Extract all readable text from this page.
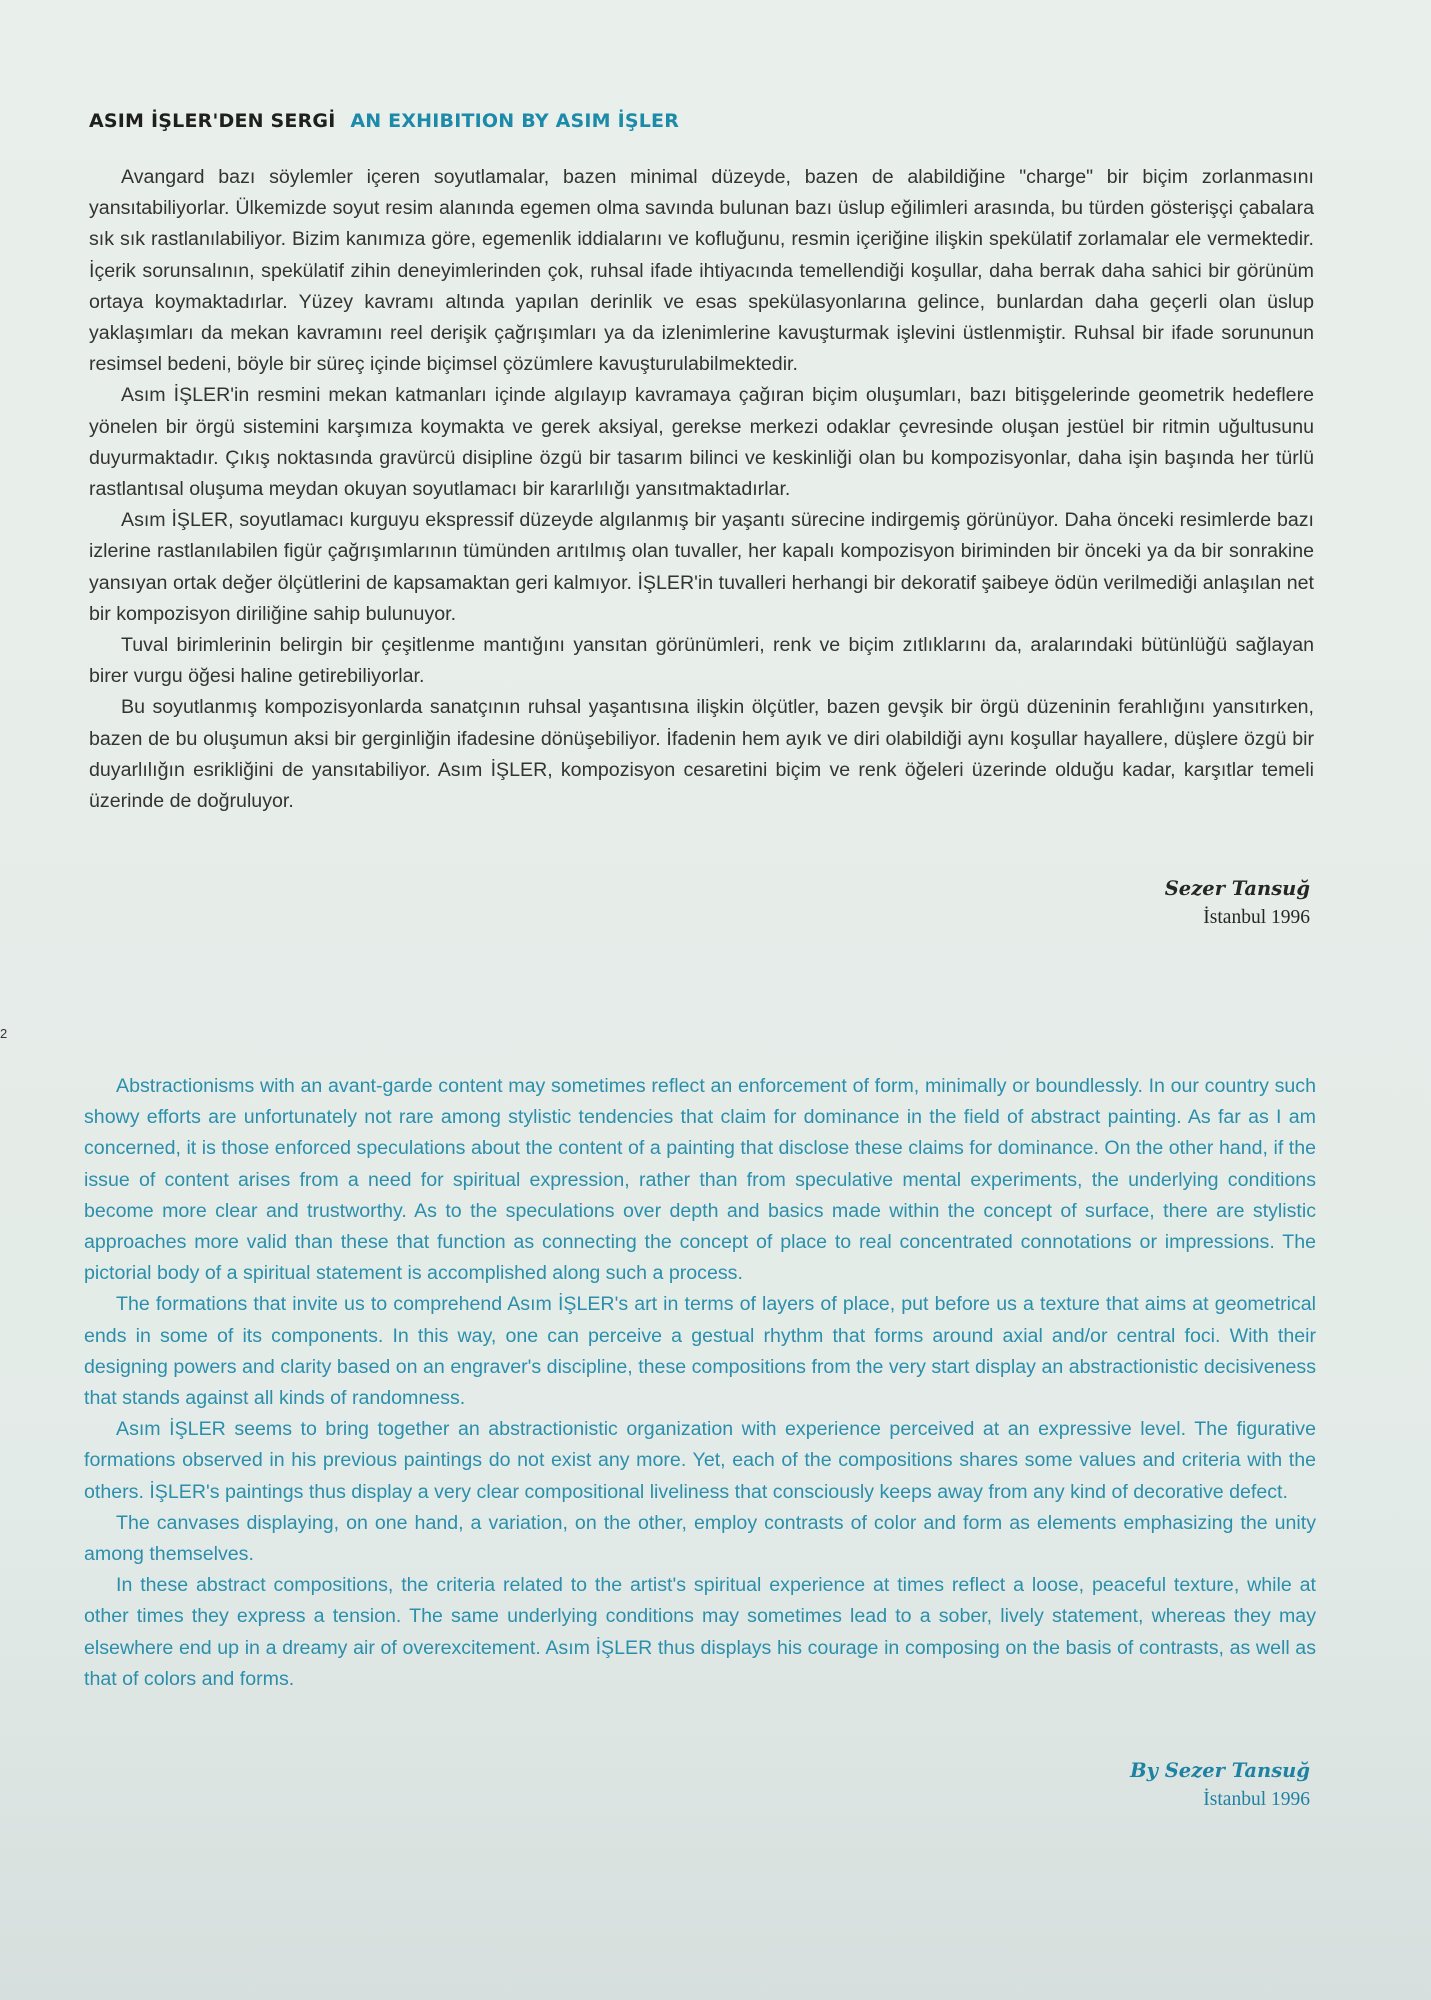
ASIM İŞLER'DEN SERGİ AN EXHIBITION BY ASIM İŞLER

Avangard bazı söylemler içeren soyutlamalar, bazen minimal düzeyde, bazen de alabildiğine "charge" bir biçim zorlanmasını yansıtabiliyorlar. Ülkemizde soyut resim alanında egemen olma savında bulunan bazı üslup eğilimleri arasında, bu türden gösterişçi çabalara sık sık rastlanılabiliyor. Bizim kanımıza göre, egemenlik iddialarını ve kofluğunu, resmin içeriğine ilişkin spekülatif zorlamalar ele vermektedir. İçerik sorunsalının, spekülatif zihin deneyimlerinden çok, ruhsal ifade ihtiyacında temellendiği koşullar, daha berrak daha sahici bir görünüm ortaya koymaktadırlar. Yüzey kavramı altında yapılan derinlik ve esas spekülasyonlarına gelince, bunlardan daha geçerli olan üslup yaklaşımları da mekan kavramını reel derişik çağrışımları ya da izlenimlerine kavuşturmak işlevini üstlenmiştir. Ruhsal bir ifade sorununun resimsel bedeni, böyle bir süreç içinde biçimsel çözümlere kavuşturulabilmektedir.

Asım İŞLER'in resmini mekan katmanları içinde algılayıp kavramaya çağıran biçim oluşumları, bazı bitişgelerinde geometrik hedeflere yönelen bir örgü sistemini karşımıza koymakta ve gerek aksiyal, gerekse merkezi odaklar çevresinde oluşan jestüel bir ritmin uğultusunu duyurmaktadır. Çıkış noktasında gravürcü disipline özgü bir tasarım bilinci ve keskinliği olan bu kompozisyonlar, daha işin başında her türlü rastlantısal oluşuma meydan okuyan soyutlamacı bir kararlılığı yansıtmaktadırlar.

Asım İŞLER, soyutlamacı kurguyu ekspressif düzeyde algılanmış bir yaşantı sürecine indirgemiş görünüyor. Daha önceki resimlerde bazı izlerine rastlanılabilen figür çağrışımlarının tümünden arıtılmış olan tuvaller, her kapalı kompozisyon biriminden bir önceki ya da bir sonrakine yansıyan ortak değer ölçütlerini de kapsamaktan geri kalmıyor. İŞLER'in tuvalleri herhangi bir dekoratif şaibeye ödün verilmediği anlaşılan net bir kompozisyon diriliğine sahip bulunuyor.

Tuval birimlerinin belirgin bir çeşitlenme mantığını yansıtan görünümleri, renk ve biçim zıtlıklarını da, aralarındaki bütünlüğü sağlayan birer vurgu öğesi haline getirebiliyorlar.

Bu soyutlanmış kompozisyonlarda sanatçının ruhsal yaşantısına ilişkin ölçütler, bazen gevşik bir örgü düzeninin ferahlığını yansıtırken, bazen de bu oluşumun aksi bir gerginliğin ifadesine dönüşebiliyor. İfadenin hem ayık ve diri olabildiği aynı koşullar hayallere, düşlere özgü bir duyarlılığın esrikliğini de yansıtabiliyor. Asım İŞLER, kompozisyon cesaretini biçim ve renk öğeleri üzerinde olduğu kadar, karşıtlar temeli üzerinde de doğruluyor.

Sezer Tansuğ
İstanbul 1996
2

Abstractionisms with an avant-garde content may sometimes reflect an enforcement of form, minimally or boundlessly. In our country such showy efforts are unfortunately not rare among stylistic tendencies that claim for dominance in the field of abstract painting. As far as I am concerned, it is those enforced speculations about the content of a painting that disclose these claims for dominance. On the other hand, if the issue of content arises from a need for spiritual expression, rather than from speculative mental experiments, the underlying conditions become more clear and trustworthy. As to the speculations over depth and basics made within the concept of surface, there are stylistic approaches more valid than these that function as connecting the concept of place to real concentrated connotations or impressions. The pictorial body of a spiritual statement is accomplished along such a process.

The formations that invite us to comprehend Asım İŞLER's art in terms of layers of place, put before us a texture that aims at geometrical ends in some of its components. In this way, one can perceive a gestual rhythm that forms around axial and/or central foci. With their designing powers and clarity based on an engraver's discipline, these compositions from the very start display an abstractionistic decisiveness that stands against all kinds of randomness.

Asım İŞLER seems to bring together an abstractionistic organization with experience perceived at an expressive level. The figurative formations observed in his previous paintings do not exist any more. Yet, each of the compositions shares some values and criteria with the others. İŞLER's paintings thus display a very clear compositional liveliness that consciously keeps away from any kind of decorative defect.

The canvases displaying, on one hand, a variation, on the other, employ contrasts of color and form as elements emphasizing the unity among themselves.

In these abstract compositions, the criteria related to the artist's spiritual experience at times reflect a loose, peaceful texture, while at other times they express a tension. The same underlying conditions may sometimes lead to a sober, lively statement, whereas they may elsewhere end up in a dreamy air of overexcitement. Asım İŞLER thus displays his courage in composing on the basis of contrasts, as well as that of colors and forms.

By Sezer Tansuğ
İstanbul 1996
